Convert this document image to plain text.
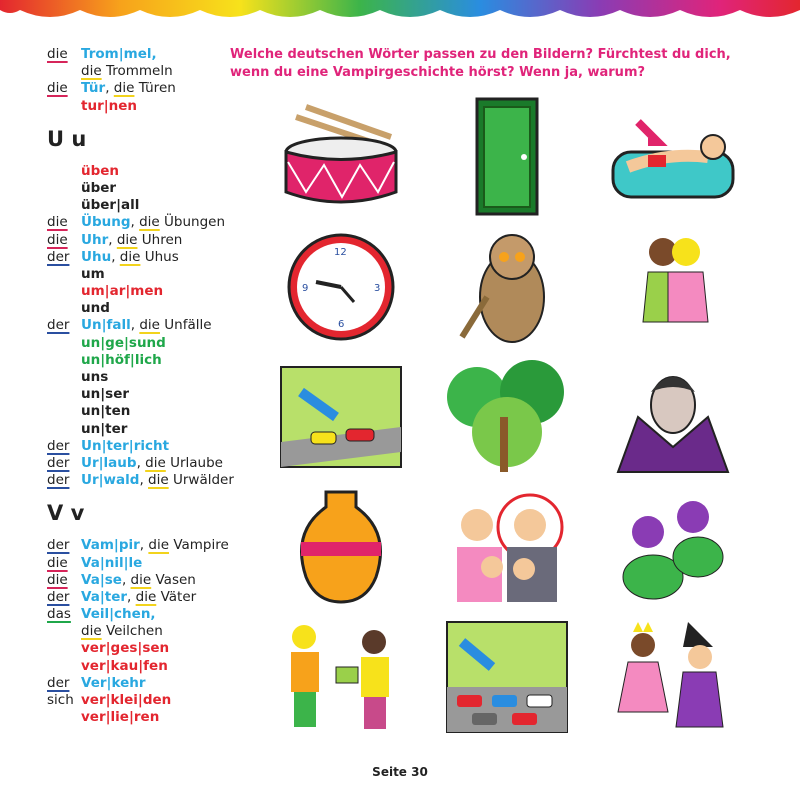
die Trom|mel,
die Trommeln
die Tür, die Türen
tur|nen
U u
üben
über
über|all
die Übung, die Übungen
die Uhr, die Uhren
der Uhu, die Uhus
um
um|ar|men
und
der Un|fall, die Unfälle
un|ge|sund
un|höf|lich
uns
un|ser
un|ten
un|ter
der Un|ter|richt
der Ur|laub, die Urlaube
der Ur|wald, die Urwälder
V v
der Vam|pir, die Vampire
die Va|nil|le
die Va|se, die Vasen
der Va|ter, die Väter
das Veil|chen,
die Veilchen
ver|ges|sen
ver|kau|fen
der Ver|kehr
sich ver|klei|den
ver|lie|ren
Welche deutschen Wörter passen zu den Bildern? Fürchtest du dich, wenn du eine Vampirgeschichte hörst? Wenn ja, warum?
12
3
6
9
Seite 30
